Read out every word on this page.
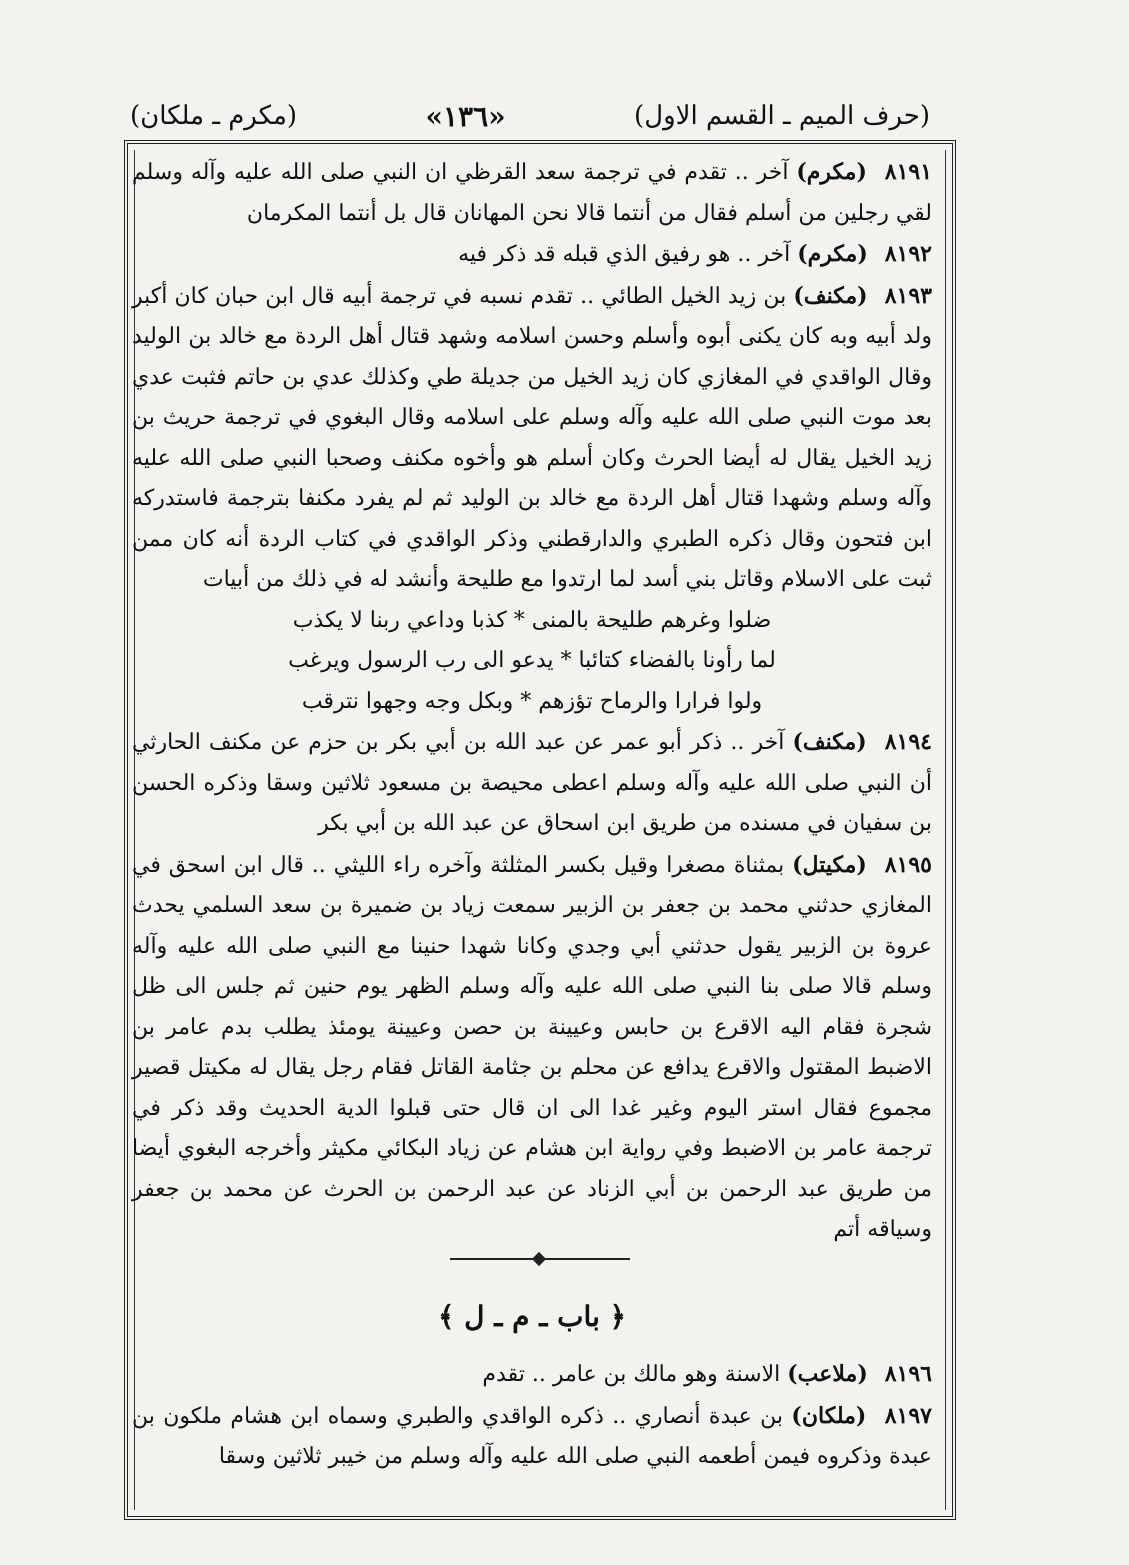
(حرف الميم ـ القسم الاول)
«١٣٦»
(مكرم ـ ملكان)
٨١٩١ (مكرم) آخر .. تقدم في ترجمة سعد القرظي ان النبي صلى الله عليه وآله وسلم لقي رجلين من أسلم فقال من أنتما قالا نحن المهانان قال بل أنتما المكرمان
٨١٩٢ (مكرم) آخر .. هو رفيق الذي قبله قد ذكر فيه
٨١٩٣ (مكنف) بن زيد الخيل الطائي .. تقدم نسبه في ترجمة أبيه قال ابن حبان كان أكبر ولد أبيه وبه كان يكنى أبوه وأسلم وحسن اسلامه وشهد قتال أهل الردة مع خالد بن الوليد وقال الواقدي في المغازي كان زيد الخيل من جديلة طي وكذلك عدي بن حاتم فثبت عدي بعد موت النبي صلى الله عليه وآله وسلم على اسلامه وقال البغوي في ترجمة حريث بن زيد الخيل يقال له أيضا الحرث وكان أسلم هو وأخوه مكنف وصحبا النبي صلى الله عليه وآله وسلم وشهدا قتال أهل الردة مع خالد بن الوليد ثم لم يفرد مكنفا بترجمة فاستدركه ابن فتحون وقال ذكره الطبري والدارقطني وذكر الواقدي في كتاب الردة أنه كان ممن ثبت على الاسلام وقاتل بني أسد لما ارتدوا مع طليحة وأنشد له في ذلك من أبيات
ضلوا وغرهم طليحة بالمنى * كذبا وداعي ربنا لا يكذب
لما رأونا بالفضاء كتائبا * يدعو الى رب الرسول ويرغب
ولوا فرارا والرماح تؤزهم * وبكل وجه وجهوا نترقب
٨١٩٤ (مكنف) آخر .. ذكر أبو عمر عن عبد الله بن أبي بكر بن حزم عن مكنف الحارثي أن النبي صلى الله عليه وآله وسلم اعطى محيصة بن مسعود ثلاثين وسقا وذكره الحسن بن سفيان في مسنده من طريق ابن اسحاق عن عبد الله بن أبي بكر
٨١٩٥ (مكيتل) بمثناة مصغرا وقيل بكسر المثلثة وآخره راء الليثي .. قال ابن اسحق في المغازي حدثني محمد بن جعفر بن الزبير سمعت زياد بن ضميرة بن سعد السلمي يحدث عروة بن الزبير يقول حدثني أبي وجدي وكانا شهدا حنينا مع النبي صلى الله عليه وآله وسلم قالا صلى بنا النبي صلى الله عليه وآله وسلم الظهر يوم حنين ثم جلس الى ظل شجرة فقام اليه الاقرع بن حابس وعيينة بن حصن وعيينة يومئذ يطلب بدم عامر بن الاضبط المقتول والاقرع يدافع عن محلم بن جثامة القاتل فقام رجل يقال له مكيتل قصير مجموع فقال استر اليوم وغير غدا الى ان قال حتى قبلوا الدية الحديث وقد ذكر في ترجمة عامر بن الاضبط وفي رواية ابن هشام عن زياد البكائي مكيثر وأخرجه البغوي أيضا من طريق عبد الرحمن بن أبي الزناد عن عبد الرحمن بن الحرث عن محمد بن جعفر وسياقه أتم
﴿ باب ـ م ـ ل ﴾
٨١٩٦ (ملاعب) الاسنة وهو مالك بن عامر .. تقدم
٨١٩٧ (ملكان) بن عبدة أنصاري .. ذكره الواقدي والطبري وسماه ابن هشام ملكون بن عبدة وذكروه فيمن أطعمه النبي صلى الله عليه وآله وسلم من خيبر ثلاثين وسقا
